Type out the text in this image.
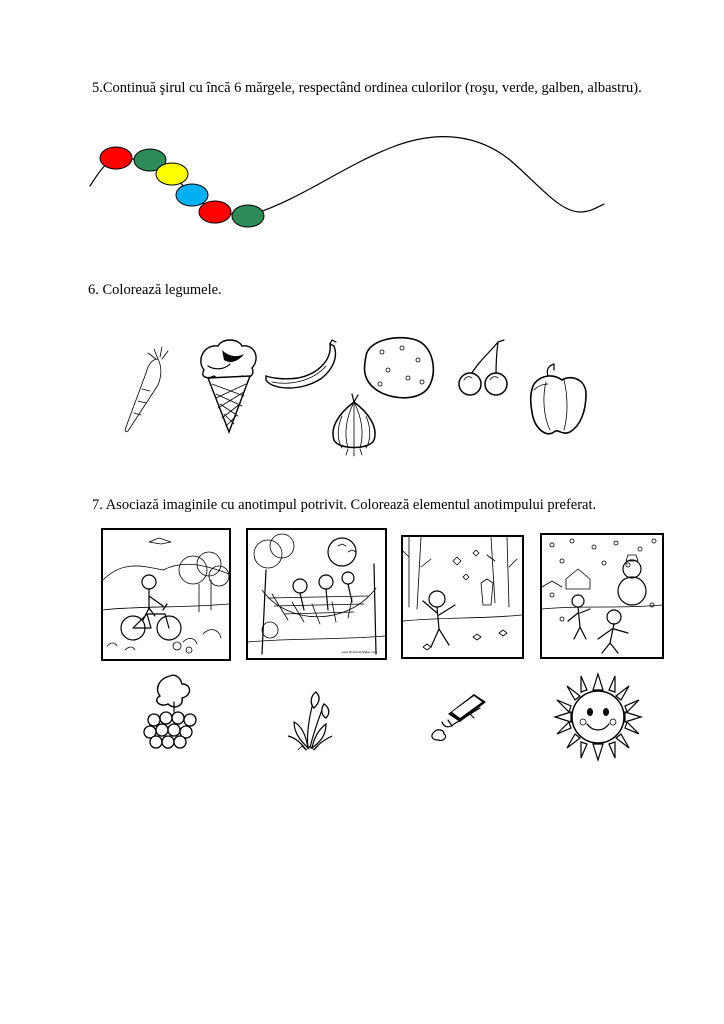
5.Continuă şirul cu încă 6 mărgele, respectând ordinea culorilor (roşu, verde, galben, albastru).
6. Colorează legumele.
7. Asociază imaginile cu anotimpul potrivit. Colorează elementul anotimpului preferat.
www.MyActivityMaker.com
